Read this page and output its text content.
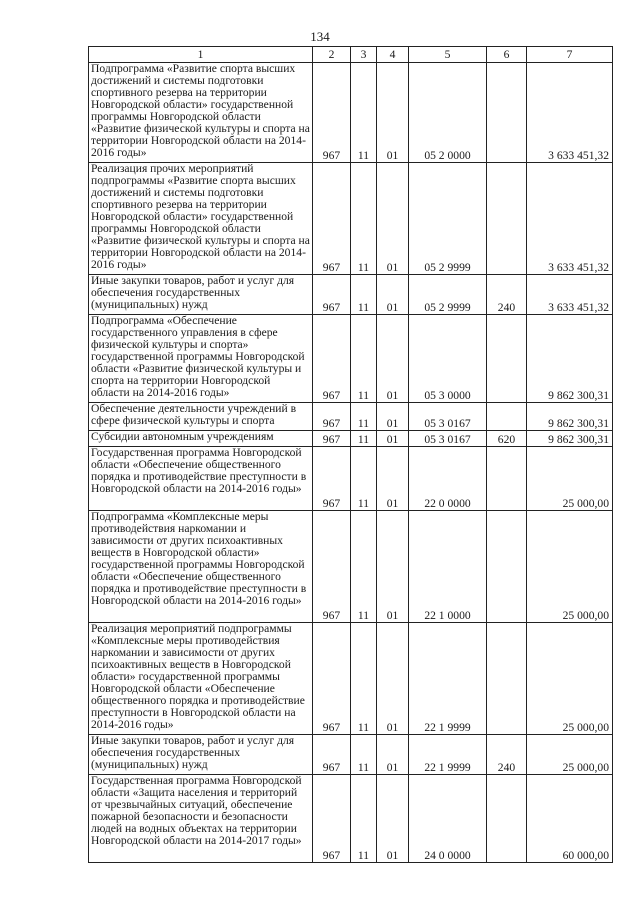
134
1	2	3	4	5	6	7

Подпрограмма «Развитие спорта высших достижений и системы подготовки спортивного резерва на территории Новгородской области» государственной программы Новгородской области «Развитие физической культуры и спорта на территории Новгородской области на 2014-2016 годы»	967	11	01	05 2 0000		3 633 451,32

Реализация прочих мероприятий подпрограммы «Развитие спорта высших достижений и системы подготовки спортивного резерва на территории Новгородской области» государственной программы Новгородской области «Развитие физической культуры и спорта на территории Новгородской области на 2014-2016 годы»	967	11	01	05 2 9999		3 633 451,32

Иные закупки товаров, работ и услуг для обеспечения государственных (муниципальных) нужд	967	11	01	05 2 9999	240	3 633 451,32

Подпрограмма «Обеспечение государственного управления в сфере физической культуры и спорта» государственной программы Новгородской области «Развитие физической культуры и спорта на территории Новгородской области на 2014-2016 годы»	967	11	01	05 3 0000		9 862 300,31

Обеспечение деятельности учреждений в сфере физической культуры и спорта	967	11	01	05 3 0167		9 862 300,31

Субсидии автономным учреждениям	967	11	01	05 3 0167	620	9 862 300,31

Государственная программа Новгородской области «Обеспечение общественного порядка и противодействие преступности в Новгородской области на 2014-2016 годы»	967	11	01	22 0 0000		25 000,00

Подпрограмма «Комплексные меры противодействия наркомании и зависимости от других психоактивных веществ в Новгородской области» государственной программы Новгородской области «Обеспечение общественного порядка и противодействие преступности в Новгородской области на 2014-2016 годы»	967	11	01	22 1 0000		25 000,00

Реализация мероприятий подпрограммы «Комплексные меры противодействия наркомании и зависимости от других психоактивных веществ в Новгородской области» государственной программы Новгородской области «Обеспечение общественного порядка и противодействие преступности в Новгородской области на 2014-2016 годы»	967	11	01	22 1 9999		25 000,00

Иные закупки товаров, работ и услуг для обеспечения государственных (муниципальных) нужд	967	11	01	22 1 9999	240	25 000,00

Государственная программа Новгородской области «Защита населения и территорий от чрезвычайных ситуаций, обеспечение пожарной безопасности и безопасности людей на водных объектах на территории Новгородской области на 2014-2017 годы»	967	11	01	24 0 0000		60 000,00
